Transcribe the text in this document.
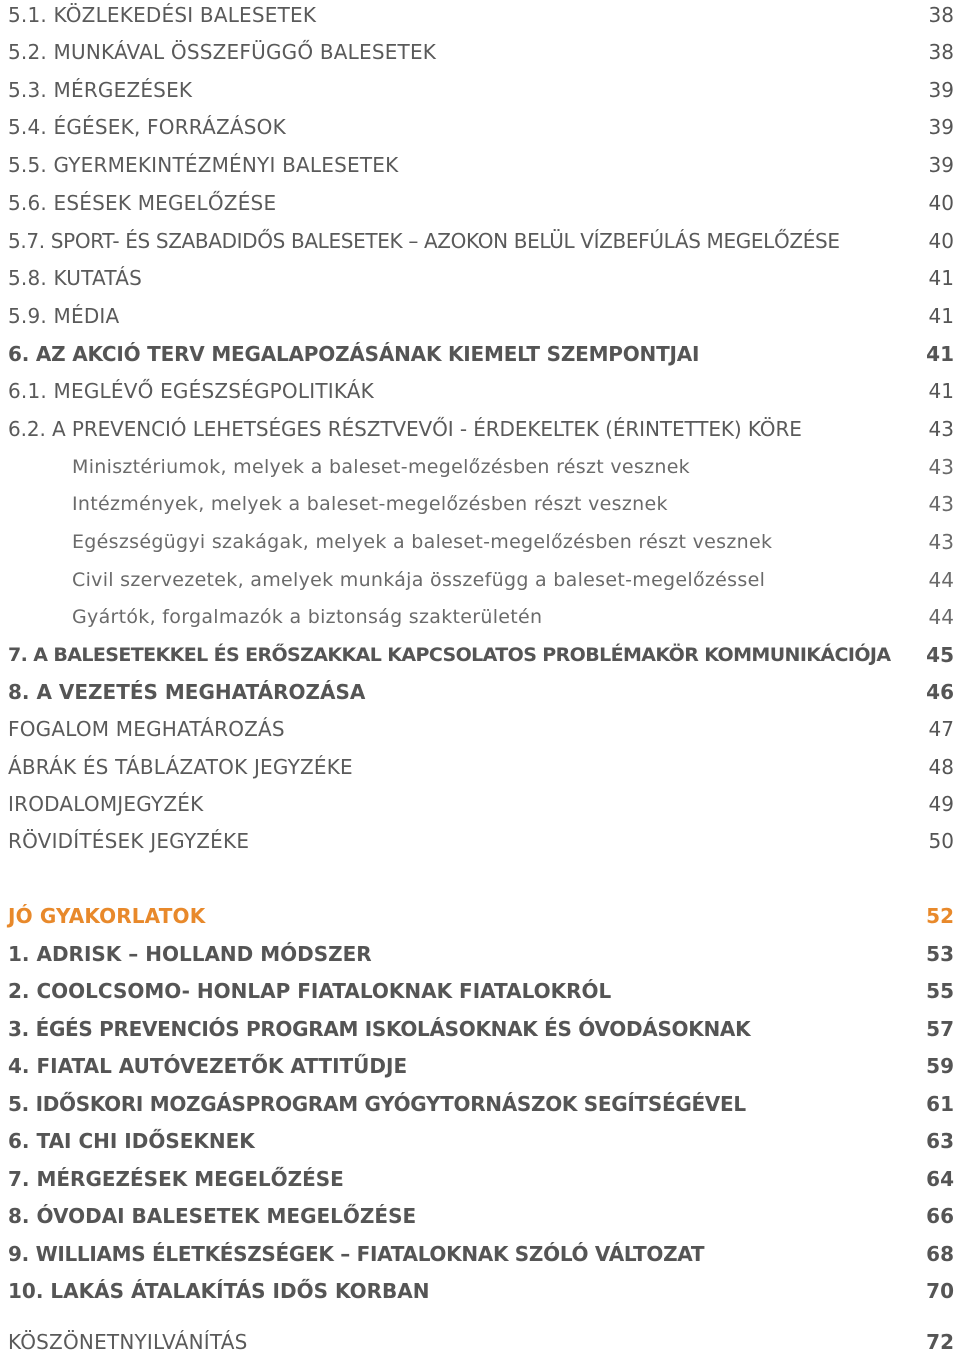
5.1. KÖZLEKEDÉSI BALESETEK	38
5.2. MUNKÁVAL ÖSSZEFÜGGŐ BALESETEK	38
5.3. MÉRGEZÉSEK	39
5.4. ÉGÉSEK, FORRÁZÁSOK	39
5.5. GYERMEKINTÉZMÉNYI BALESETEK	39
5.6. ESÉSEK MEGELŐZÉSE	40
5.7. SPORT- ÉS SZABADIDŐS BALESETEK – AZOKON BELÜL VÍZBEFÚLÁS MEGELŐZÉSE	40
5.8. KUTATÁS	41
5.9. MÉDIA	41
6. AZ AKCIÓ TERV MEGALAPOZÁSÁNAK KIEMELT SZEMPONTJAI	41
6.1. MEGLÉVŐ EGÉSZSÉGPOLITIKÁK	41
6.2. A PREVENCIÓ LEHETSÉGES RÉSZTVEVŐI - ÉRDEKELTEK (ÉRINTETTEK) KÖRE	43
Minisztériumok, melyek a baleset-megelőzésben részt vesznek	43
Intézmények, melyek a baleset-megelőzésben részt vesznek	43
Egészségügyi szakágak, melyek a baleset-megelőzésben részt vesznek	43
Civil szervezetek, amelyek munkája összefügg a baleset-megelőzéssel	44
Gyártók, forgalmazók a biztonság szakterületén	44
7. A BALESETEKKEL ÉS ERŐSZAKKAL KAPCSOLATOS PROBLÉMAKÖR KOMMUNIKÁCIÓJA 45
8. A VEZETÉS MEGHATÁROZÁSA	46
FOGALOM MEGHATÁROZÁS	47
ÁBRÁK ÉS TÁBLÁZATOK JEGYZÉKE	48
IRODALOMJEGYZÉK	49
RÖVIDÍTÉSEK JEGYZÉKE	50
JÓ GYAKORLATOK	52
1. ADRISK – HOLLAND MÓDSZER	53
2. COOLCSOMO- HONLAP FIATALOKNAK FIATALOKRÓL	55
3. ÉGÉS PREVENCIÓS PROGRAM ISKOLÁSOKNAK ÉS ÓVODÁSOKNAK	57
4. FIATAL AUTÓVEZETŐK ATTITŰDJE	59
5. IDŐSKORI MOZGÁSPROGRAM GYÓGYTORNÁSZOK SEGÍTSÉGÉVEL	61
6. TAI CHI IDŐSEKNEK	63
7. MÉRGEZÉSEK MEGELŐZÉSE	64
8. ÓVODAI BALESETEK MEGELŐZÉSE	66
9. WILLIAMS ÉLETKÉSZSÉGEK – FIATALOKNAK SZÓLÓ VÁLTOZAT	68
10. LAKÁS ÁTALAKÍTÁS IDŐS KORBAN	70
KÖSZÖNETNYILVÁNÍTÁS	72
